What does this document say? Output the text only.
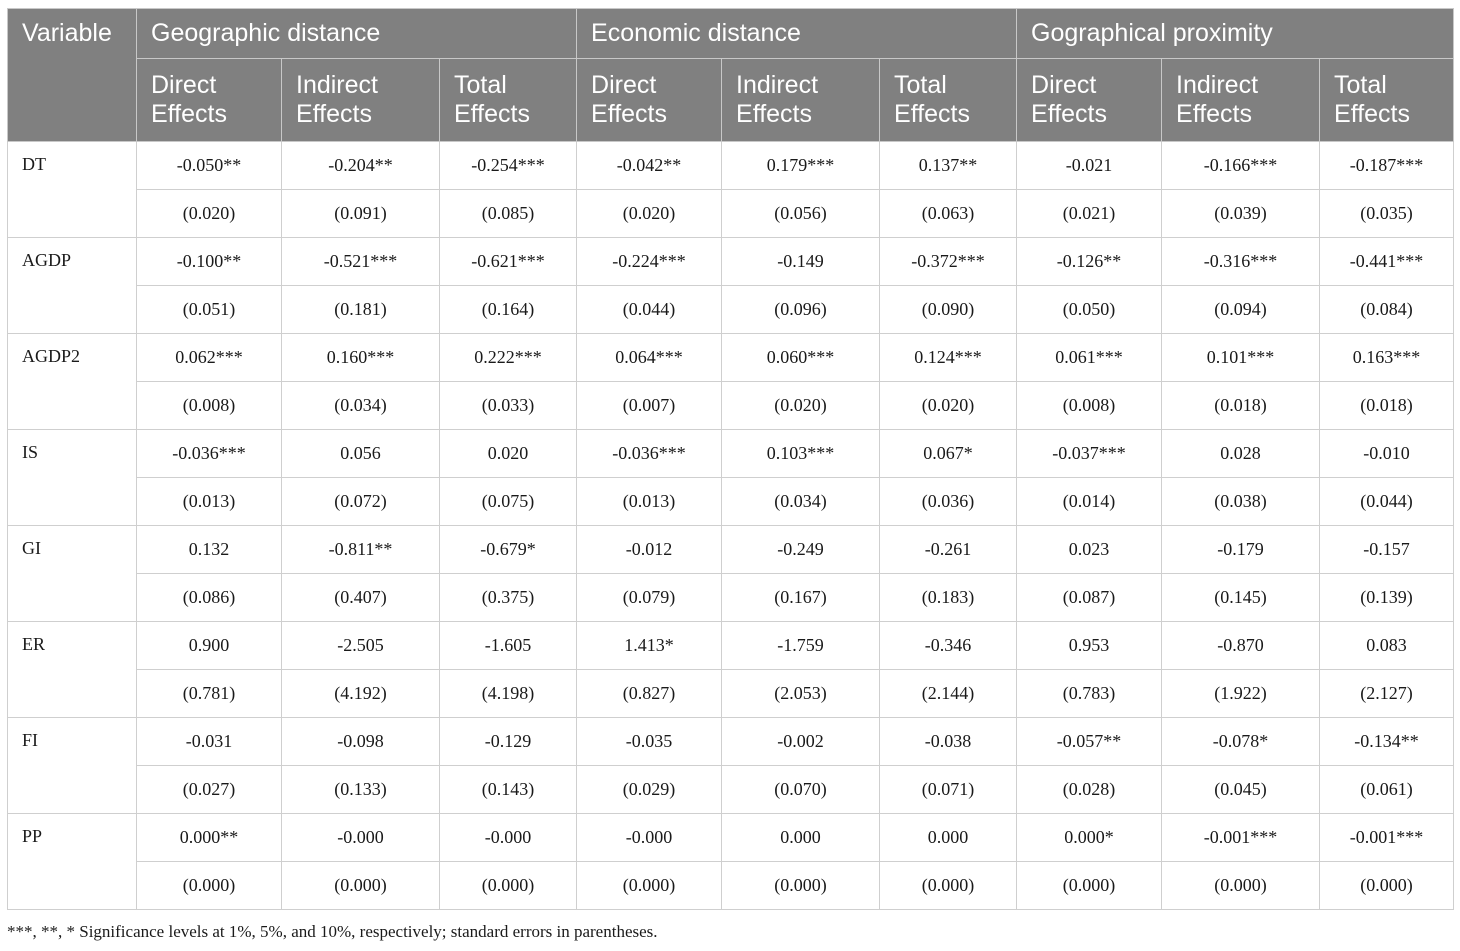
Variable	Geographic distance			Economic distance			Gographical proximity		
	Direct Effects	Indirect Effects	Total Effects	Direct Effects	Indirect Effects	Total Effects	Direct Effects	Indirect Effects	Total Effects
DT	-0.050**	-0.204**	-0.254***	-0.042**	0.179***	0.137**	-0.021	-0.166***	-0.187***
	(0.020)	(0.091)	(0.085)	(0.020)	(0.056)	(0.063)	(0.021)	(0.039)	(0.035)
AGDP	-0.100**	-0.521***	-0.621***	-0.224***	-0.149	-0.372***	-0.126**	-0.316***	-0.441***
	(0.051)	(0.181)	(0.164)	(0.044)	(0.096)	(0.090)	(0.050)	(0.094)	(0.084)
AGDP2	0.062***	0.160***	0.222***	0.064***	0.060***	0.124***	0.061***	0.101***	0.163***
	(0.008)	(0.034)	(0.033)	(0.007)	(0.020)	(0.020)	(0.008)	(0.018)	(0.018)
IS	-0.036***	0.056	0.020	-0.036***	0.103***	0.067*	-0.037***	0.028	-0.010
	(0.013)	(0.072)	(0.075)	(0.013)	(0.034)	(0.036)	(0.014)	(0.038)	(0.044)
GI	0.132	-0.811**	-0.679*	-0.012	-0.249	-0.261	0.023	-0.179	-0.157
	(0.086)	(0.407)	(0.375)	(0.079)	(0.167)	(0.183)	(0.087)	(0.145)	(0.139)
ER	0.900	-2.505	-1.605	1.413*	-1.759	-0.346	0.953	-0.870	0.083
	(0.781)	(4.192)	(4.198)	(0.827)	(2.053)	(2.144)	(0.783)	(1.922)	(2.127)
FI	-0.031	-0.098	-0.129	-0.035	-0.002	-0.038	-0.057**	-0.078*	-0.134**
	(0.027)	(0.133)	(0.143)	(0.029)	(0.070)	(0.071)	(0.028)	(0.045)	(0.061)
PP	0.000**	-0.000	-0.000	-0.000	0.000	0.000	0.000*	-0.001***	-0.001***
	(0.000)	(0.000)	(0.000)	(0.000)	(0.000)	(0.000)	(0.000)	(0.000)	(0.000)
***, **, * Significance levels at 1%, 5%, and 10%, respectively; standard errors in parentheses.
